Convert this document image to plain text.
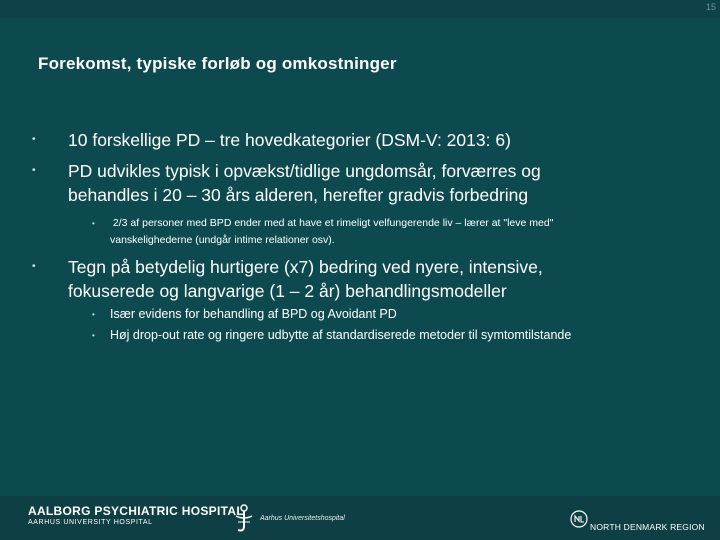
15
Forekomst, typiske forløb og omkostninger
• 10 forskellige PD – tre hovedkategorier (DSM-V: 2013: 6)
• PD udvikles typisk i opvækst/tidlige ungdomsår, forværres og
behandles i 20 – 30 års alderen, herefter gradvis forbedring
• 2/3 af personer med BPD ender med at have et rimeligt velfungerende liv – lærer at "leve med"
vanskelighederne (undgår intime relationer osv).
• Tegn på betydelig hurtigere (x7) bedring ved nyere, intensive,
fokuserede og langvarige (1 – 2 år) behandlingsmodeller
• Især evidens for behandling af BPD og Avoidant PD
• Høj drop-out rate og ringere udbytte af standardiserede metoder til symtomtilstande
AALBORG PSYCHIATRIC HOSPITAL
AARHUS UNIVERSITY HOSPITAL
Aarhus Universitetshospital
NORTH DENMARK REGION
